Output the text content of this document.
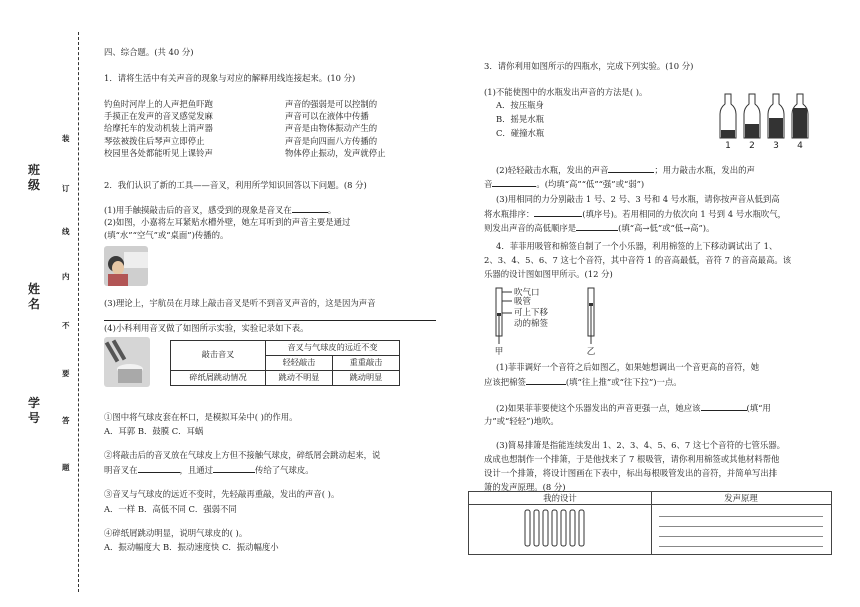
装
订
线
内
不
要
答
题
班级
姓名
学号
四、综合题。(共 40 分)
1．请将生活中有关声音的现象与对应的解释用线连接起来。(10 分)
钓鱼时河岸上的人声把鱼吓跑
手摸正在发声的音叉感觉发麻
给摩托车的发动机装上消声器
琴弦被拨住后琴声立即停止
校园里各处都能听见上课铃声
声音的强弱是可以控制的
声音可以在液体中传播
声音是由物体振动产生的
声音是向四面八方传播的
物体停止振动，发声就停止
2．我们认识了新的工具——音叉，利用所学知识回答以下问题。(8 分)
(1)用手触摸敲击后的音叉，感受到的现象是音叉在	。
(2)如图，小嘉将左耳紧贴水槽外壁，她左耳听到的声音主要是通过
(填“水”“空气”或“桌面”)传播的。
(3)理论上，宇航员在月球上敲击音叉是听不到音叉声音的，这是因为声音
(4)小科利用音叉做了如图所示实验，实验记录如下表。
敲击音叉	音叉与气球皮的远近不变	
	轻轻敲击	重重敲击
碎纸屑跳动情况	跳动不明显	跳动明显
①图中将气球皮套在杯口，是模拟耳朵中( )的作用。
A．耳郭 B．鼓膜 C．耳蜗
②将敲击后的音叉放在气球皮上方但不接触气球皮，碎纸屑会跳动起来，说
明音叉在	，且通过	传给了气球皮。
③音叉与气球皮的远近不变时，先轻敲再重敲，发出的声音( )。
A．一样 B．高低不同 C．强弱不同
④碎纸屑跳动明显，说明气球皮的( )。
A．振动幅度大 B．振动速度快 C．振动幅度小
3．请你利用如图所示的四瓶水，完成下列实验。(10 分)
(1)不能使图中的水瓶发出声音的方法是( )。
A．按压瓶身
B．摇晃水瓶
C．碰撞水瓶
1 2 3 4
(2)轻轻敲击水瓶，发出的声音	；用力敲击水瓶，发出的声
音	。(均填“高”“低”“强”或“弱”)
(3)用相同的力分别敲击 1 号、2 号、3 号和 4 号水瓶，请你按声音从低到高
将水瓶排序：	(填序号)。若用相同的力依次向 1 号到 4 号水瓶吹气，
则发出声音的高低顺序是	(填“高→低”或“低→高”)。
4．菲菲用吸管和棉签自制了一个小乐器，利用棉签的上下移动调试出了 1、
2、3、4、5、6、7 这七个音符，其中音符 1 的音高最低，音符 7 的音高最高。该
乐器的设计图如图甲所示。(12 分)
吹气口
吸管
可上下移
动的棉签
甲	乙
(1)菲菲调好一个音符之后如图乙，如果她想调出一个音更高的音符，她
应该把棉签	(填“往上推”或“往下拉”)一点。
(2)如果菲菲要使这个乐器发出的声音更强一点，她应该	(填“用
力”或“轻轻”)地吹。
(3)简易排箫是指能连续发出 1、2、3、4、5、6、7 这七个音符的七管乐器。
成成也想制作一个排箫，于是他找来了 7 根吸管，请你利用棉签或其他材料帮他
设计一个排箫，将设计图画在下表中，标出每根吸管发出的音符，并简单写出排
箫的发声原理。(8 分)
我的设计	发声原理
